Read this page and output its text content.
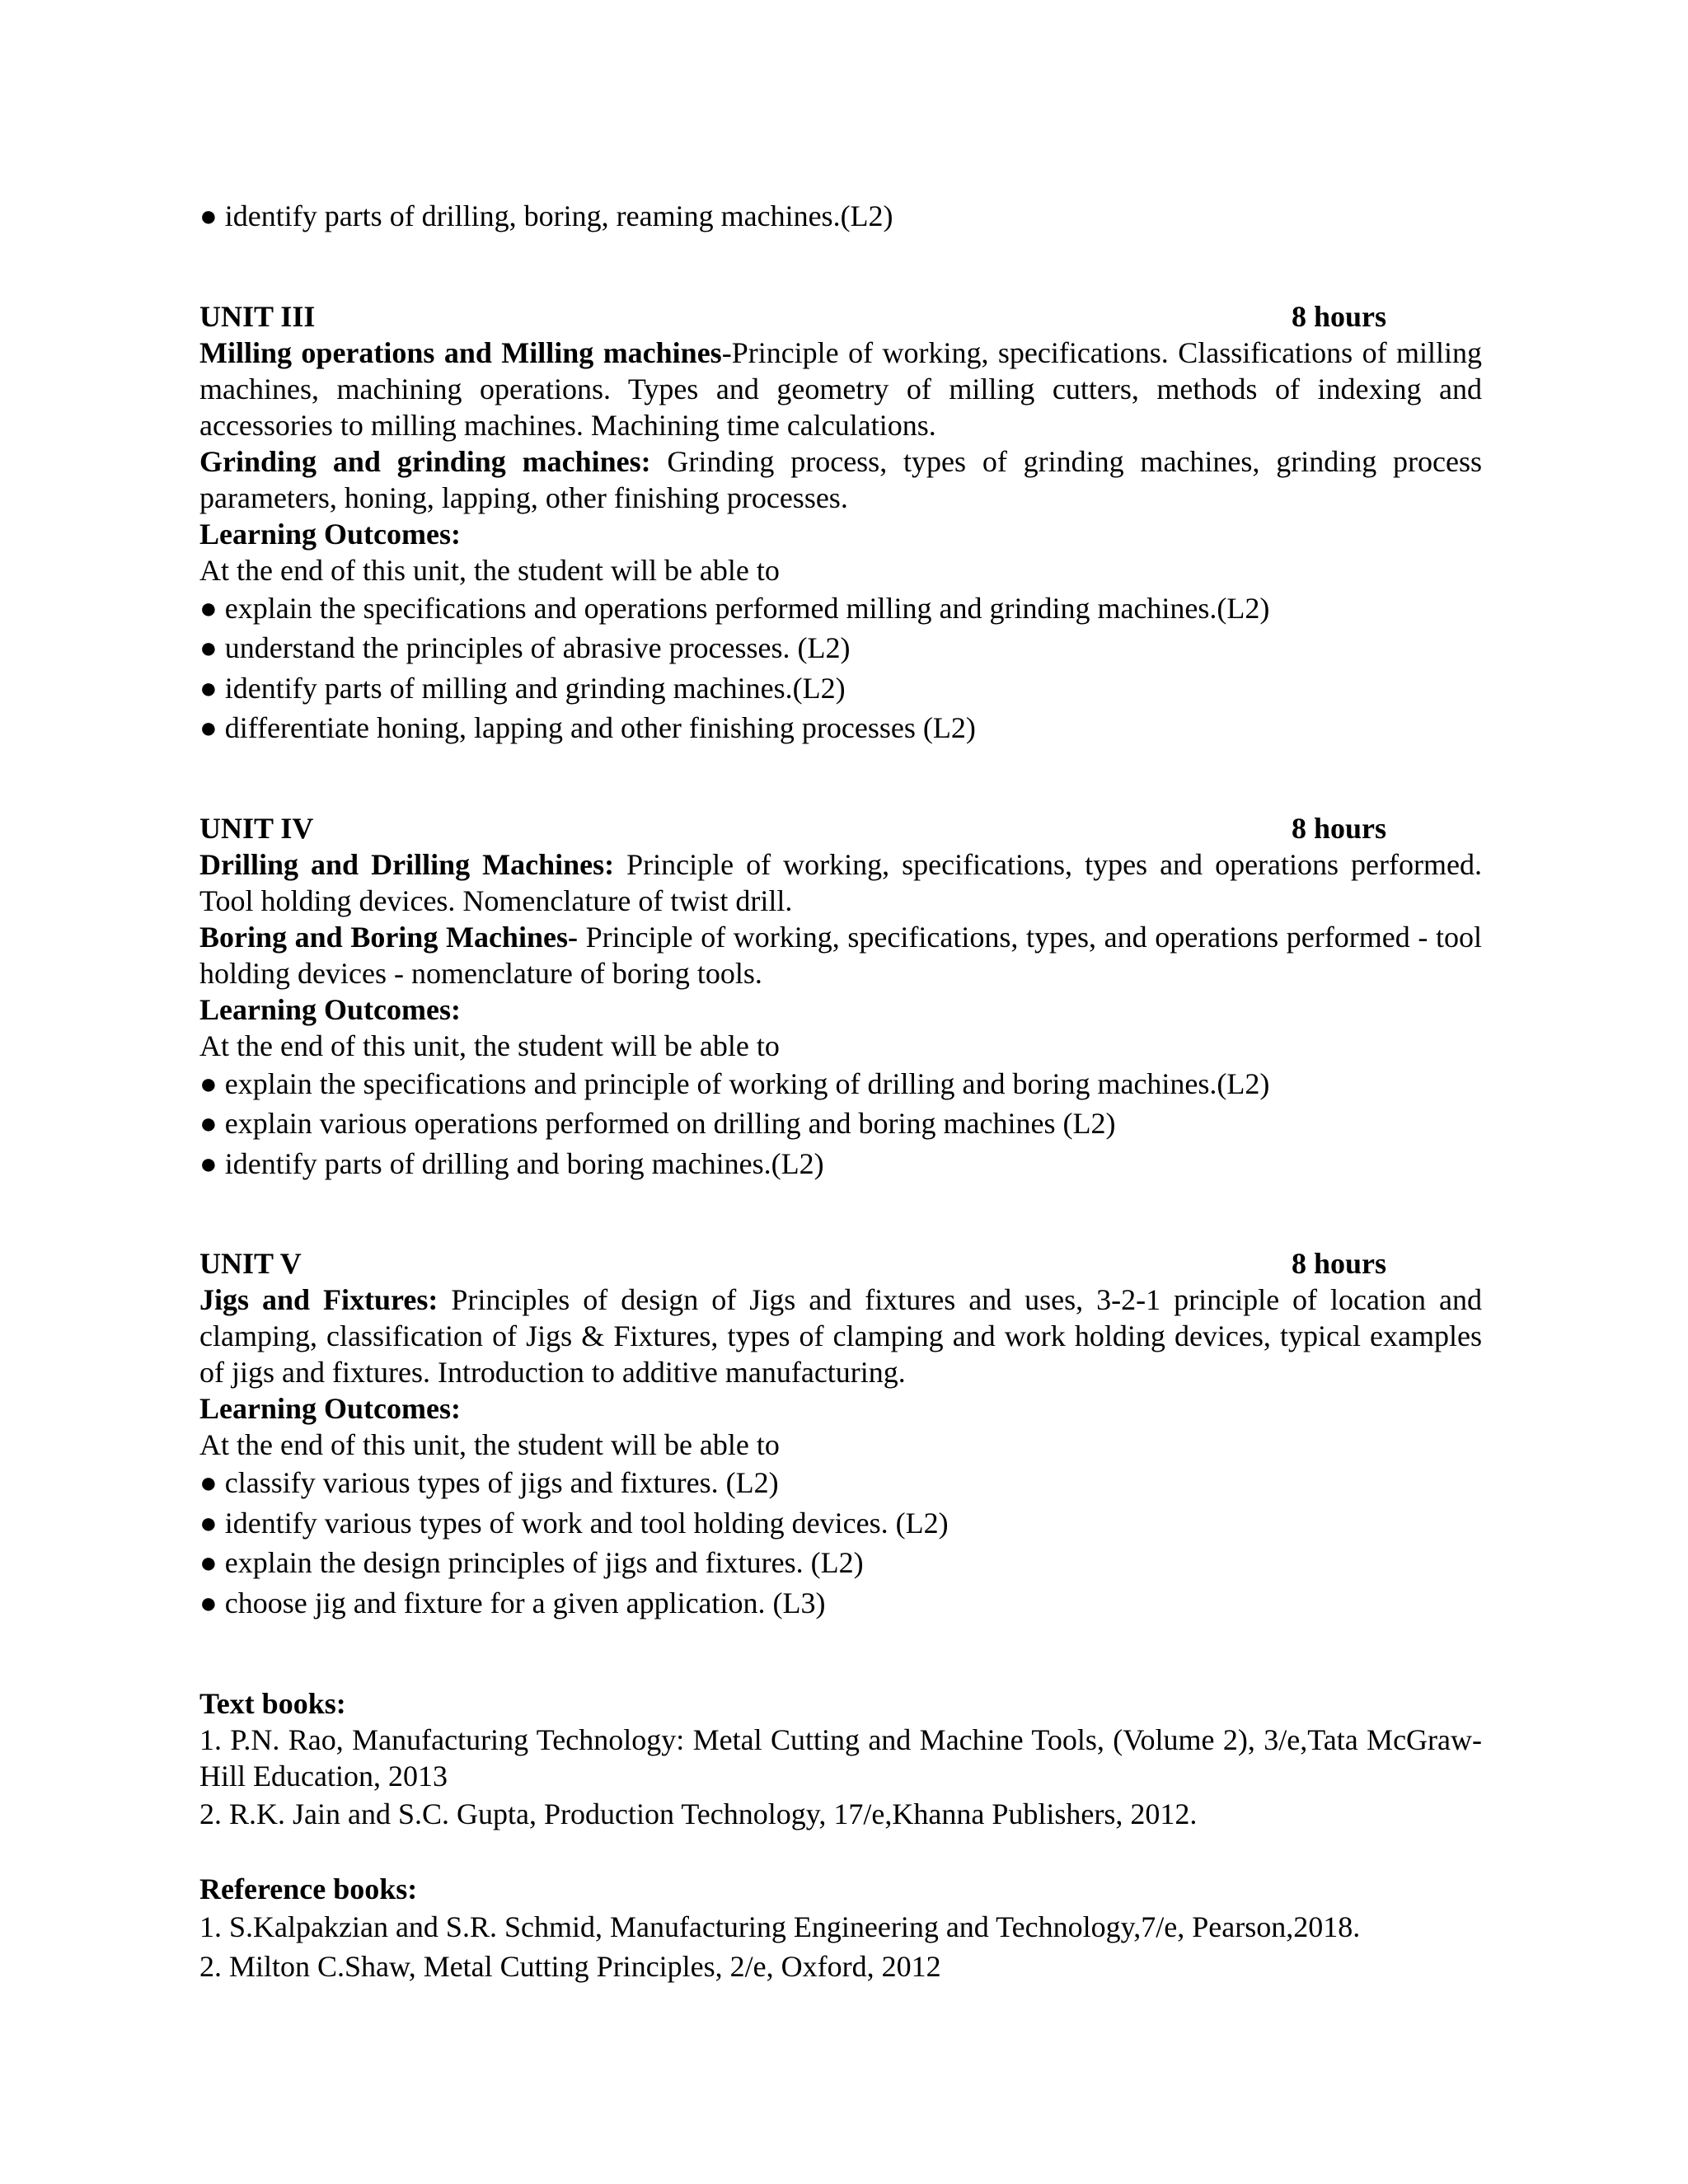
● identify parts of drilling, boring, reaming machines.(L2)

UNIT III	8 hours

Milling operations and Milling machines-Principle of working, specifications. Classifications of milling machines, machining operations. Types and geometry of milling cutters, methods of indexing and accessories to milling machines. Machining time calculations.

Grinding and grinding machines: Grinding process, types of grinding machines, grinding process parameters, honing, lapping, other finishing processes.

Learning Outcomes:

At the end of this unit, the student will be able to

● explain the specifications and operations performed milling and grinding machines.(L2)

● understand the principles of abrasive processes. (L2)

● identify parts of milling and grinding machines.(L2)

● differentiate honing, lapping and other finishing processes (L2)

UNIT IV	8 hours

Drilling and Drilling Machines: Principle of working, specifications, types and operations performed. Tool holding devices. Nomenclature of twist drill.

Boring and Boring Machines- Principle of working, specifications, types, and operations performed - tool holding devices - nomenclature of boring tools.

Learning Outcomes:

At the end of this unit, the student will be able to

● explain the specifications and principle of working of drilling and boring machines.(L2)

● explain various operations performed on drilling and boring machines (L2)

● identify parts of drilling and boring machines.(L2)

UNIT V	8 hours

Jigs and Fixtures: Principles of design of Jigs and fixtures and uses, 3-2-1 principle of location and clamping, classification of Jigs & Fixtures, types of clamping and work holding devices, typical examples of jigs and fixtures. Introduction to additive manufacturing.

Learning Outcomes:

At the end of this unit, the student will be able to

● classify various types of jigs and fixtures. (L2)

● identify various types of work and tool holding devices. (L2)

● explain the design principles of jigs and fixtures. (L2)

● choose jig and fixture for a given application. (L3)

Text books:

1. P.N. Rao, Manufacturing Technology: Metal Cutting and Machine Tools, (Volume 2), 3/e,Tata McGraw-Hill Education, 2013

2. R.K. Jain and S.C. Gupta, Production Technology, 17/e,Khanna Publishers, 2012.

Reference books:

1. S.Kalpakzian and S.R. Schmid, Manufacturing Engineering and Technology,7/e, Pearson,2018.

2. Milton C.Shaw, Metal Cutting Principles, 2/e, Oxford, 2012
